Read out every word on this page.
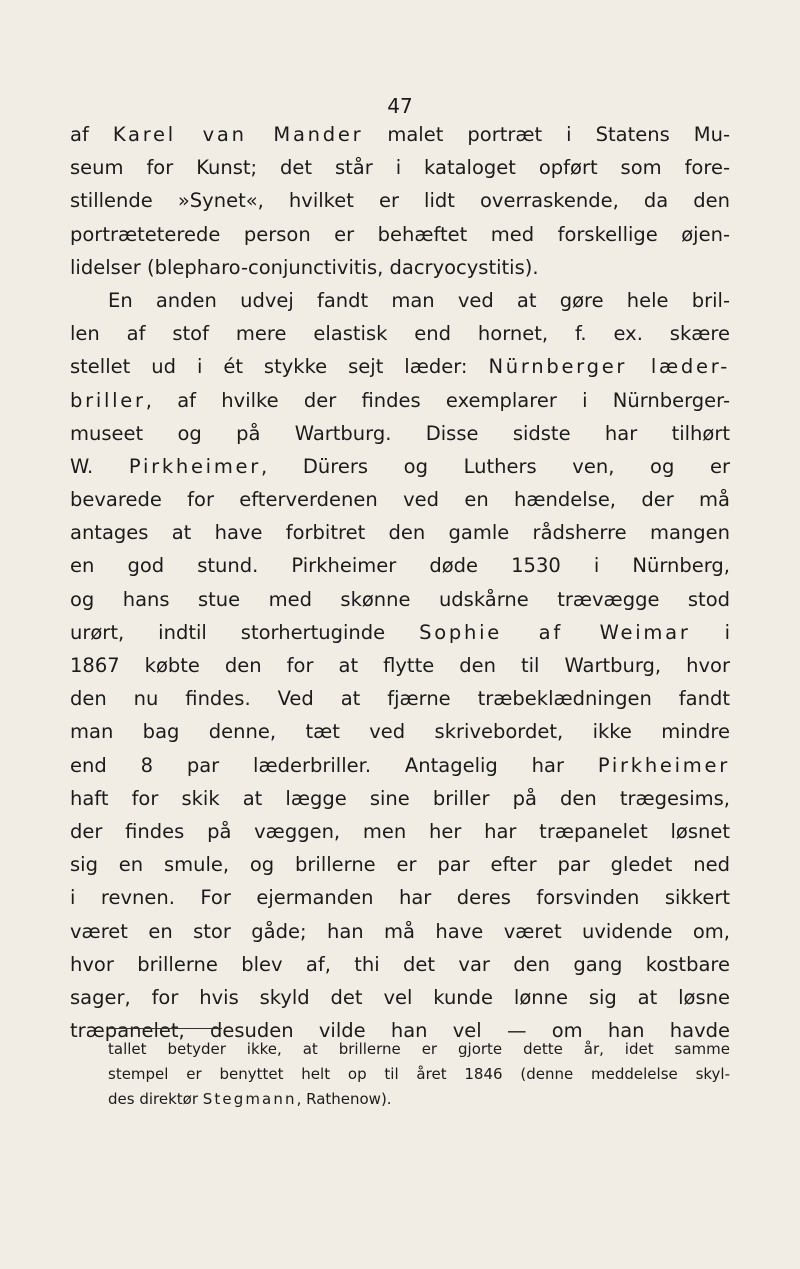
47
af Karel van Mander malet portræt i Statens Mu-
seum for Kunst; det står i kataloget opført som fore-
stillende »Synet«, hvilket er lidt overraskende, da den
portræteterede person er behæftet med forskellige øjen-
lidelser (blepharo-conjunctivitis, dacryocystitis).
En anden udvej fandt man ved at gøre hele bril-
len af stof mere elastisk end hornet, f. ex. skære
stellet ud i ét stykke sejt læder: Nürnberger læder-
briller, af hvilke der findes exemplarer i Nürnberger-
museet og på Wartburg. Disse sidste har tilhørt
W. Pirkheimer, Dürers og Luthers ven, og er
bevarede for efterverdenen ved en hændelse, der må
antages at have forbitret den gamle rådsherre mangen
en god stund. Pirkheimer døde 1530 i Nürnberg,
og hans stue med skønne udskårne trævægge stod
urørt, indtil storhertuginde Sophie af Weimar i
1867 købte den for at flytte den til Wartburg, hvor
den nu findes. Ved at fjærne træbeklædningen fandt
man bag denne, tæt ved skrivebordet, ikke mindre
end 8 par læderbriller. Antagelig har Pirkheimer
haft for skik at lægge sine briller på den trægesims,
der findes på væggen, men her har træpanelet løsnet
sig en smule, og brillerne er par efter par gledet ned
i revnen. For ejermanden har deres forsvinden sikkert
været en stor gåde; han må have været uvidende om,
hvor brillerne blev af, thi det var den gang kostbare
sager, for hvis skyld det vel kunde lønne sig at løsne
træpanelet, desuden vilde han vel — om han havde
tallet betyder ikke, at brillerne er gjorte dette år, idet samme
stempel er benyttet helt op til året 1846 (denne meddelelse skyl-
des direktør Stegmann, Rathenow).
